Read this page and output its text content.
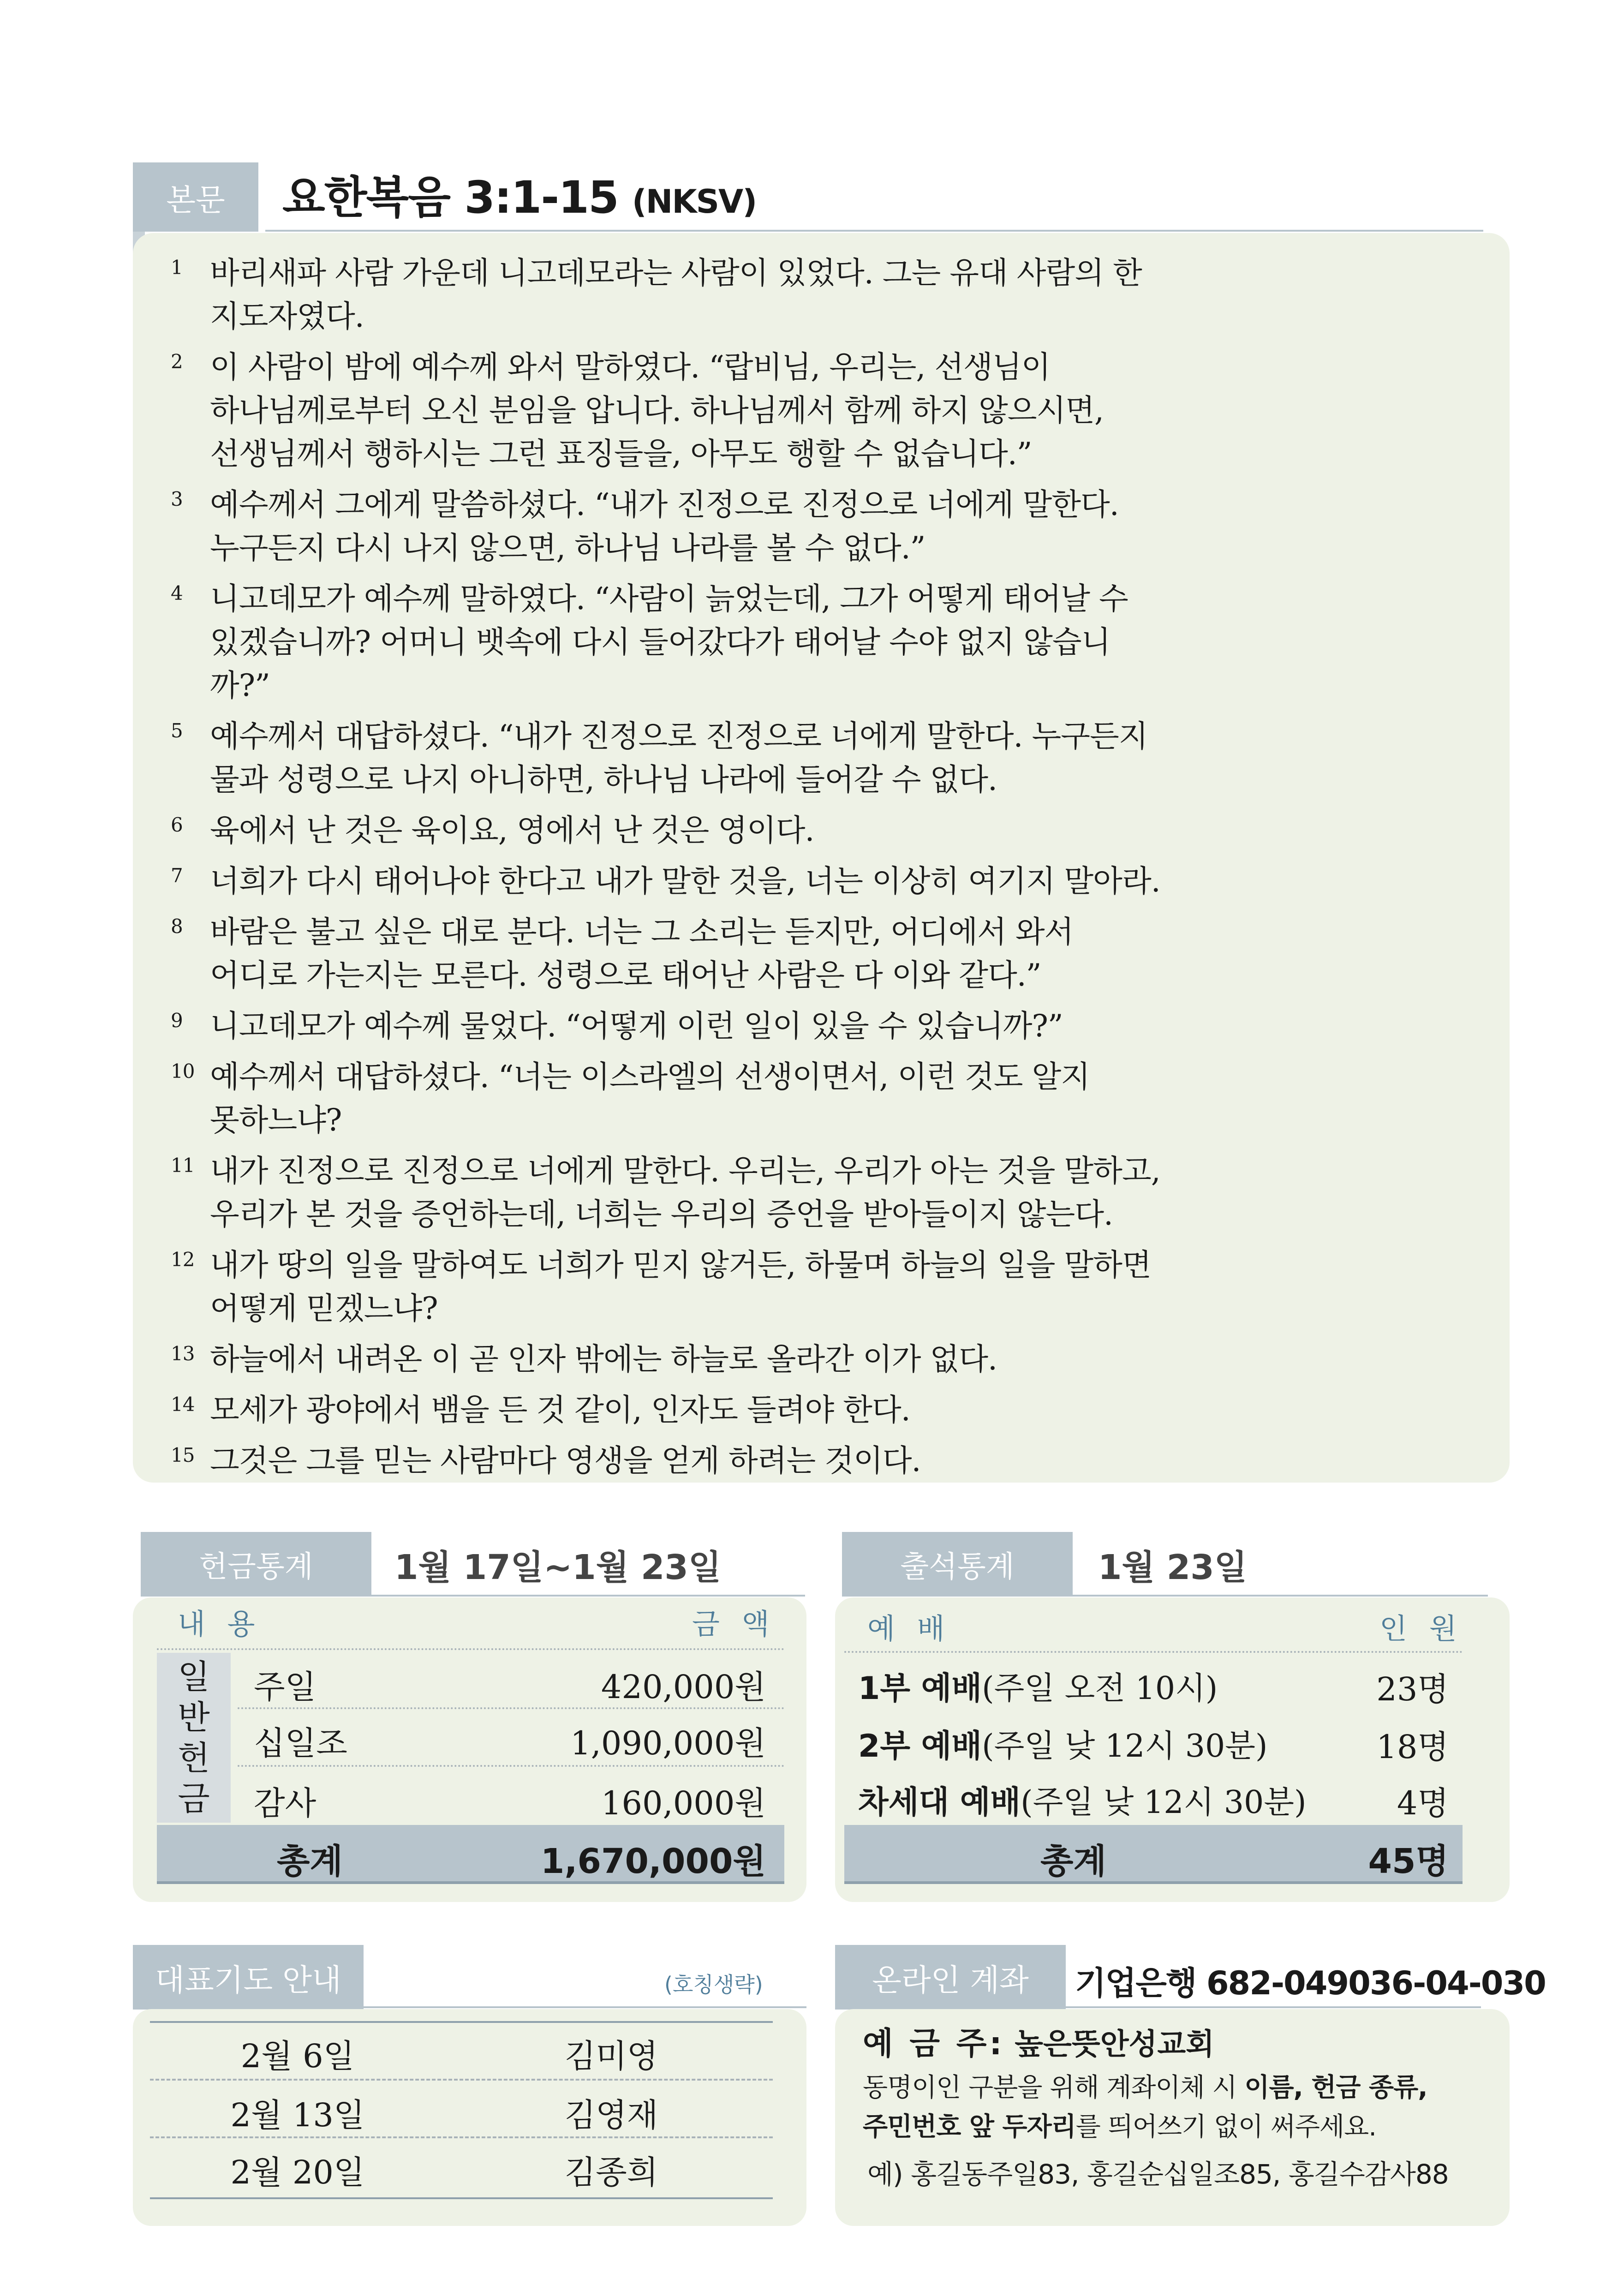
본문 요한복음 3:1-15 (NKSV)
1 바리새파 사람 가운데 니고데모라는 사람이 있었다. 그는 유대 사람의 한
지도자였다.
2 이 사람이 밤에 예수께 와서 말하였다. “랍비님, 우리는, 선생님이
하나님께로부터 오신 분임을 압니다. 하나님께서 함께 하지 않으시면,
선생님께서 행하시는 그런 표징들을, 아무도 행할 수 없습니다.”
3 예수께서 그에게 말씀하셨다. “내가 진정으로 진정으로 너에게 말한다.
누구든지 다시 나지 않으면, 하나님 나라를 볼 수 없다.”
4 니고데모가 예수께 말하였다. “사람이 늙었는데, 그가 어떻게 태어날 수
있겠습니까? 어머니 뱃속에 다시 들어갔다가 태어날 수야 없지 않습니까?”
5 예수께서 대답하셨다. “내가 진정으로 진정으로 너에게 말한다. 누구든지
물과 성령으로 나지 아니하면, 하나님 나라에 들어갈 수 없다.
6 육에서 난 것은 육이요, 영에서 난 것은 영이다.
7 너희가 다시 태어나야 한다고 내가 말한 것을, 너는 이상히 여기지 말아라.
8 바람은 불고 싶은 대로 분다. 너는 그 소리는 듣지만, 어디에서 와서
어디로 가는지는 모른다. 성령으로 태어난 사람은 다 이와 같다.”
9 니고데모가 예수께 물었다. “어떻게 이런 일이 있을 수 있습니까?”
10 예수께서 대답하셨다. “너는 이스라엘의 선생이면서, 이런 것도 알지
못하느냐?
11 내가 진정으로 진정으로 너에게 말한다. 우리는, 우리가 아는 것을 말하고,
우리가 본 것을 증언하는데, 너희는 우리의 증언을 받아들이지 않는다.
12 내가 땅의 일을 말하여도 너희가 믿지 않거든, 하물며 하늘의 일을 말하면
어떻게 믿겠느냐?
13 하늘에서 내려온 이 곧 인자 밖에는 하늘로 올라간 이가 없다.
14 모세가 광야에서 뱀을 든 것 같이, 인자도 들려야 한다.
15 그것은 그를 믿는 사람마다 영생을 얻게 하려는 것이다.
헌금통계 1월 17일~1월 23일
내 용	금 액
일반헌금
주일	420,000원
십일조	1,090,000원
감사	160,000원
총계	1,670,000원
출석통계 1월 23일
예 배	인 원
1부 예배(주일 오전 10시)	23명
2부 예배(주일 낮 12시 30분)	18명
차세대 예배(주일 낮 12시 30분)	4명
총계	45명
대표기도 안내	(호칭생략)
2월 6일	김미영
2월 13일	김영재
2월 20일	김종희
온라인 계좌 기업은행 682-049036-04-030
예 금 주: 높은뜻안성교회
동명이인 구분을 위해 계좌이체 시 이름, 헌금 종류,
주민번호 앞 두자리를 띄어쓰기 없이 써주세요.
예) 홍길동주일83, 홍길순십일조85, 홍길수감사88
